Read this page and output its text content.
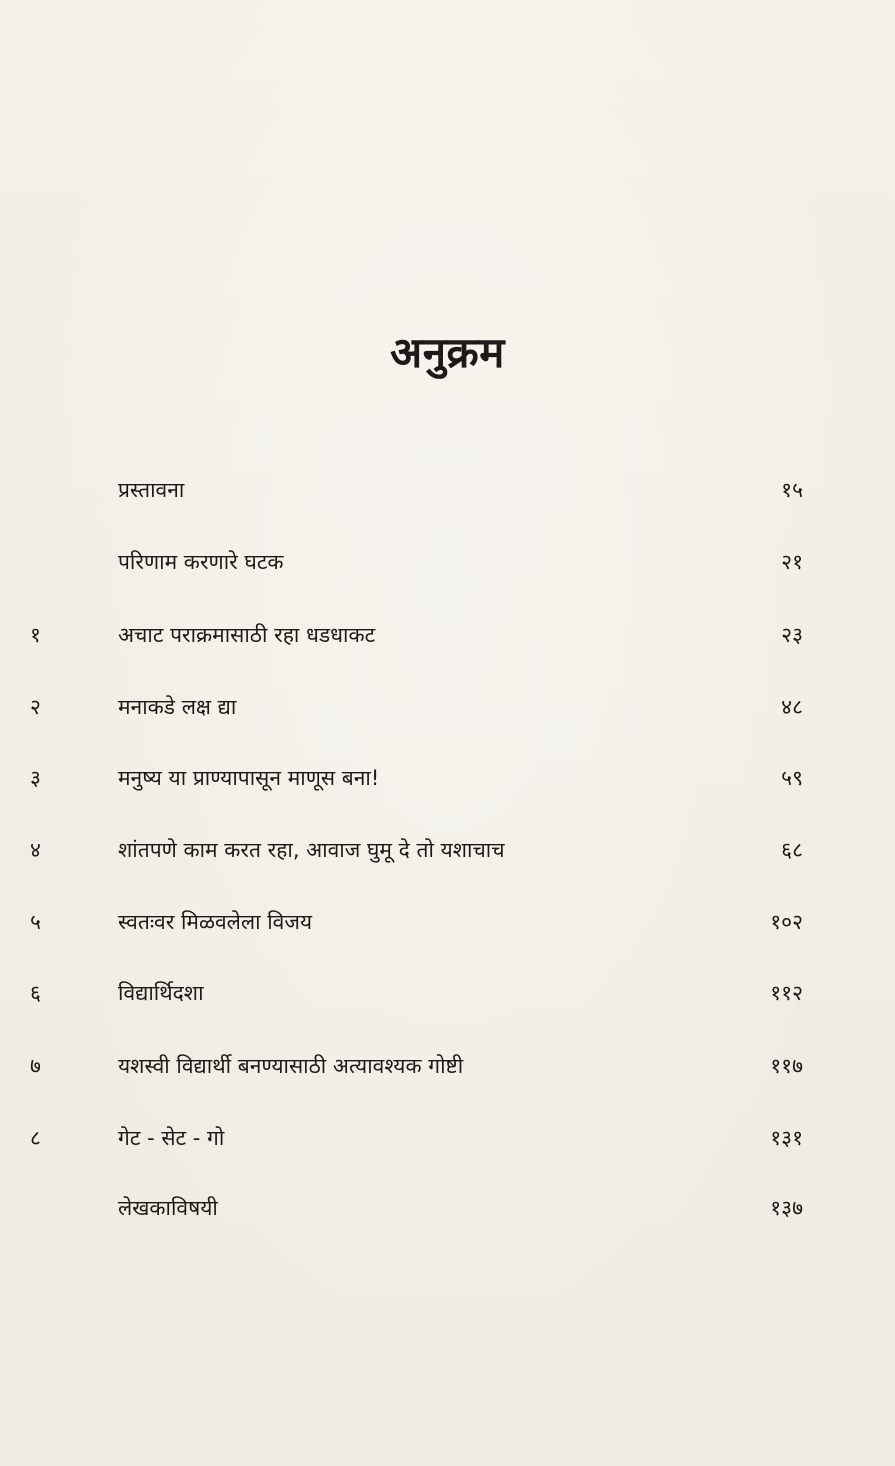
अनुक्रम
प्रस्तावना	१५
परिणाम करणारे घटक	२१
१	अचाट पराक्रमासाठी रहा धडधाकट	२३
२	मनाकडे लक्ष द्या	४८
३	मनुष्य या प्राण्यापासून माणूस बना!	५९
४	शांतपणे काम करत रहा, आवाज घुमू दे तो यशाचाच	६८
५	स्वतःवर मिळवलेला विजय	१०२
६	विद्यार्थिदशा	११२
७	यशस्वी विद्यार्थी बनण्यासाठी अत्यावश्यक गोष्टी	११७
८	गेट - सेट - गो	१३१
लेखकाविषयी	१३७
